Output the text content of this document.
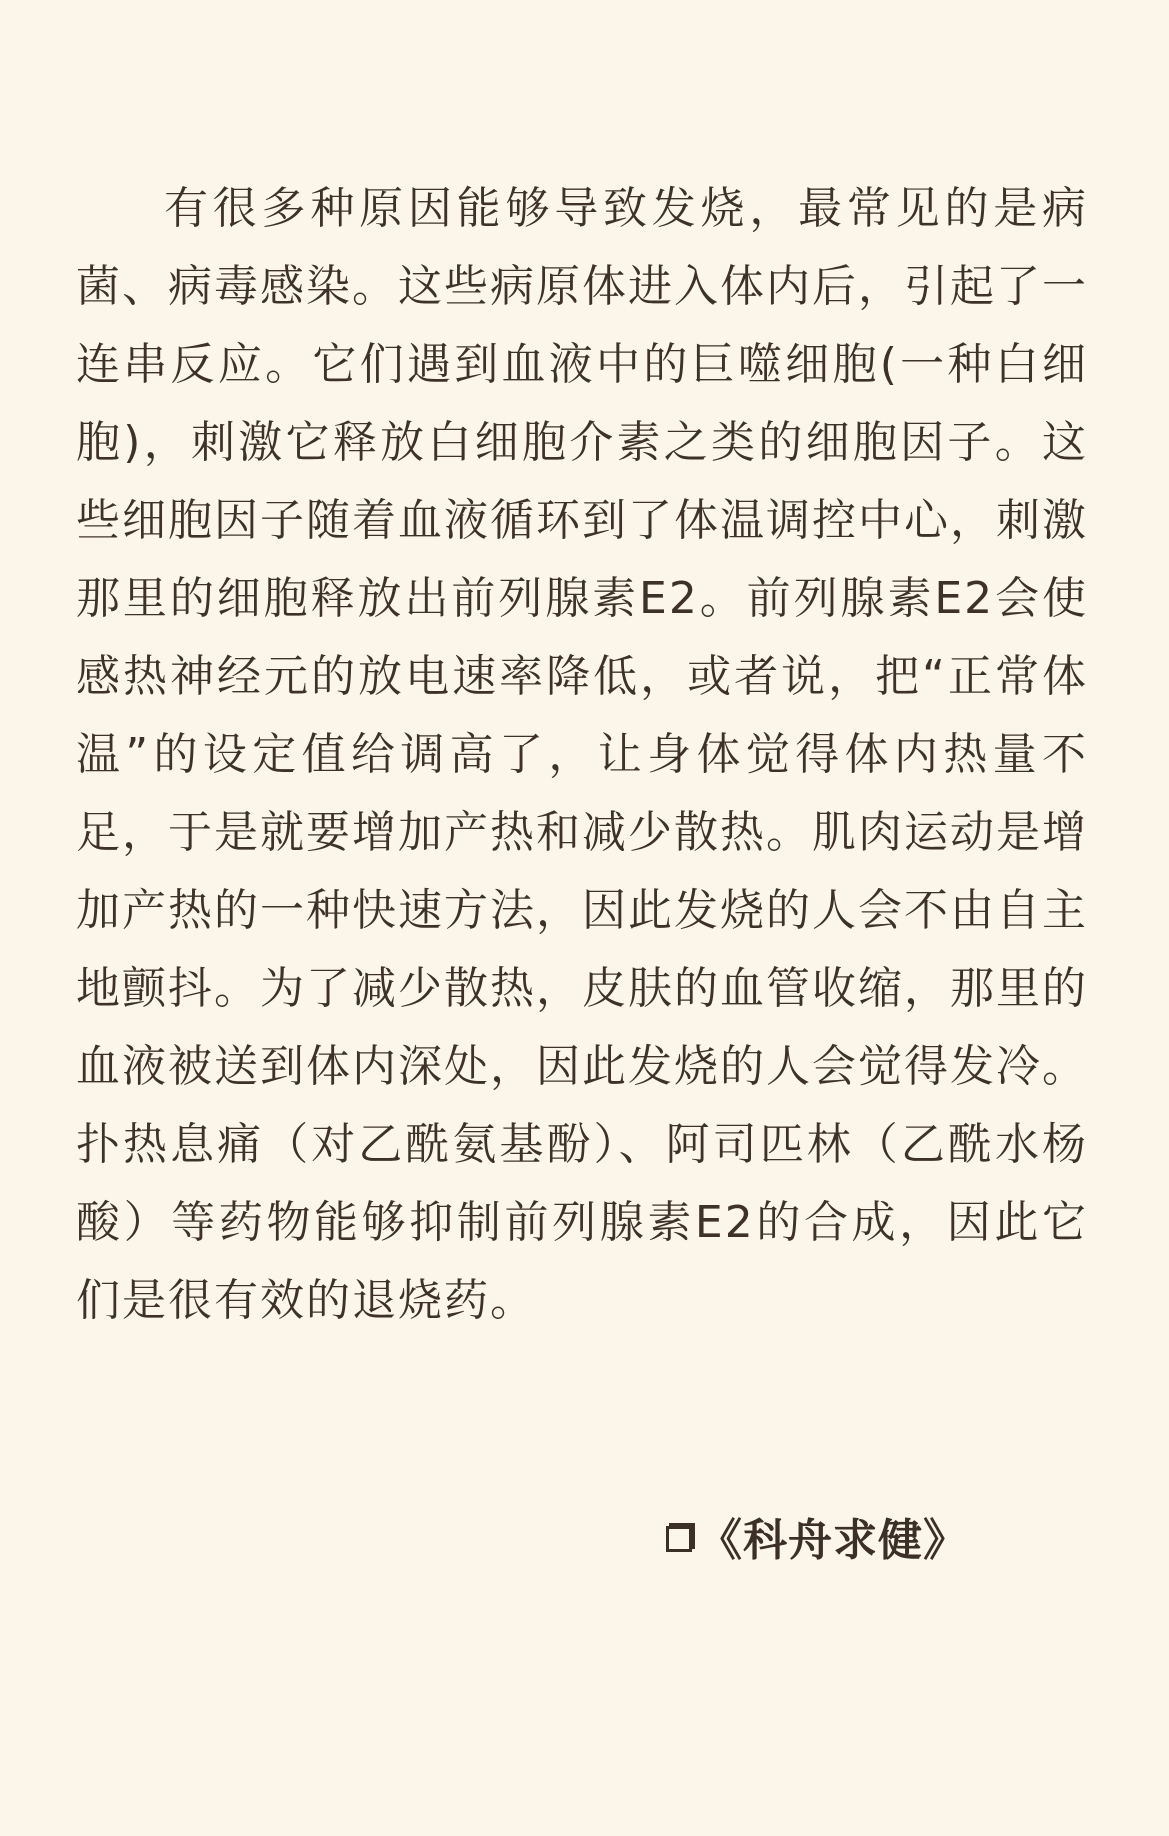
有很多种原因能够导致发烧，最常见的是病菌、病毒感染。这些病原体进入体内后，引起了一连串反应。它们遇到血液中的巨噬细胞(一种白细胞)，刺激它释放白细胞介素之类的细胞因子。这些细胞因子随着血液循环到了体温调控中心，刺激那里的细胞释放出前列腺素E2。前列腺素E2会使感热神经元的放电速率降低，或者说，把“正常体温”的设定值给调高了，让身体觉得体内热量不足，于是就要增加产热和减少散热。肌肉运动是增加产热的一种快速方法，因此发烧的人会不由自主地颤抖。为了减少散热，皮肤的血管收缩，那里的血液被送到体内深处，因此发烧的人会觉得发冷。扑热息痛（对乙酰氨基酚）、阿司匹林（乙酰水杨酸）等药物能够抑制前列腺素E2的合成，因此它们是很有效的退烧药。

《科舟求健》
